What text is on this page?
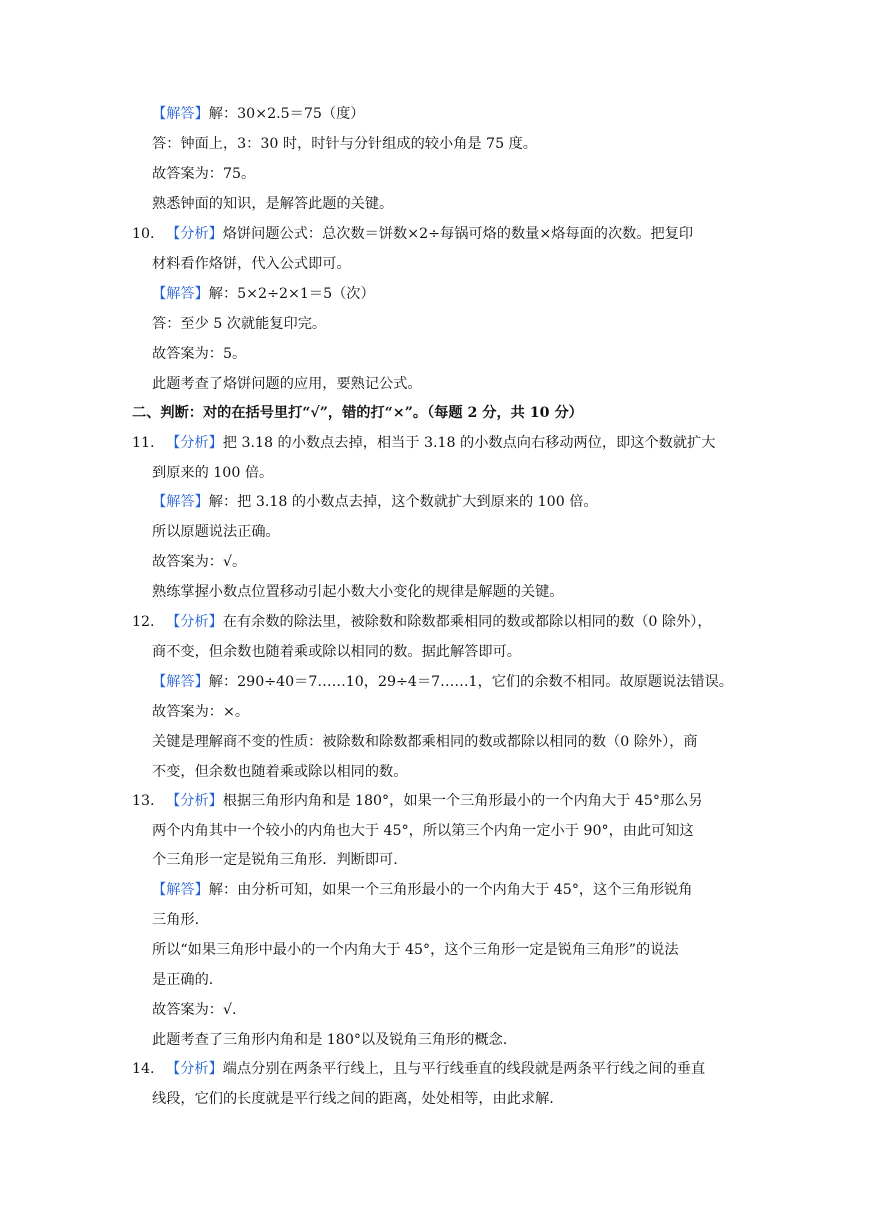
【解答】解：30×2.5＝75（度）
答：钟面上，3：30 时，时针与分针组成的较小角是 75 度。
故答案为：75。
熟悉钟面的知识，是解答此题的关键。
10. 【分析】烙饼问题公式：总次数＝饼数×2÷每锅可烙的数量×烙每面的次数。把复印
材料看作烙饼，代入公式即可。
【解答】解：5×2÷2×1＝5（次）
答：至少 5 次就能复印完。
故答案为：5。
此题考查了烙饼问题的应用，要熟记公式。
二、判断：对的在括号里打“√”，错的打“×”。（每题 2 分，共 10 分）
11. 【分析】把 3.18 的小数点去掉，相当于 3.18 的小数点向右移动两位，即这个数就扩大
到原来的 100 倍。
【解答】解：把 3.18 的小数点去掉，这个数就扩大到原来的 100 倍。
所以原题说法正确。
故答案为：√。
熟练掌握小数点位置移动引起小数大小变化的规律是解题的关键。
12. 【分析】在有余数的除法里，被除数和除数都乘相同的数或都除以相同的数（0 除外），
商不变，但余数也随着乘或除以相同的数。据此解答即可。
【解答】解：290÷40＝7……10，29÷4＝7……1，它们的余数不相同。故原题说法错误。
故答案为：×。
关键是理解商不变的性质：被除数和除数都乘相同的数或都除以相同的数（0 除外），商
不变，但余数也随着乘或除以相同的数。
13. 【分析】根据三角形内角和是 180°，如果一个三角形最小的一个内角大于 45°那么另
两个内角其中一个较小的内角也大于 45°，所以第三个内角一定小于 90°，由此可知这
个三角形一定是锐角三角形．判断即可.
【解答】解：由分析可知，如果一个三角形最小的一个内角大于 45°，这个三角形锐角
三角形.
所以“如果三角形中最小的一个内角大于 45°，这个三角形一定是锐角三角形”的说法
是正确的.
故答案为：√.
此题考查了三角形内角和是 180°以及锐角三角形的概念.
14. 【分析】端点分别在两条平行线上，且与平行线垂直的线段就是两条平行线之间的垂直
线段，它们的长度就是平行线之间的距离，处处相等，由此求解.
